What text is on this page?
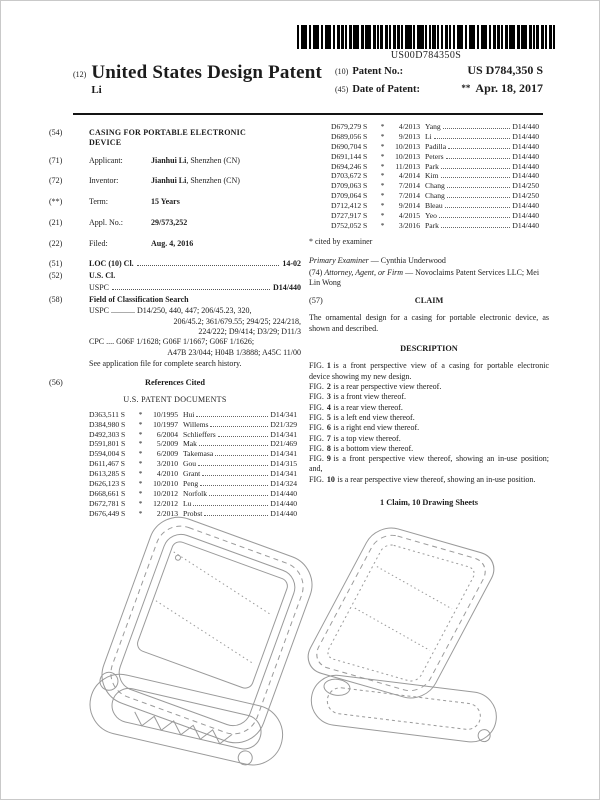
US00D784350S
(12) United States Design Patent
Li
(10) Patent No.:	US D784,350 S
(45) Date of Patent:	** Apr. 18, 2017
(54)	CASING FOR PORTABLE ELECTRONIC DEVICE
(71)	Applicant:	Jianhui Li, Shenzhen (CN)
(72)	Inventor:	Jianhui Li, Shenzhen (CN)
(**)	Term:	15 Years
(21)	Appl. No.:	29/573,252
(22)	Filed:	Aug. 4, 2016
(51)	LOC (10) Cl.	14-02
(52)	U.S. Cl.
USPC	D14/440
(58)	Field of Classification Search

USPC ............ D14/250, 440, 447; 206/45.23, 320,

206/45.2; 361/679.55; 294/25; 224/218,

224/222; D9/414; D3/29; D11/3

CPC .... G06F 1/1628; G06F 1/1667; G06F 1/1626;

A47B 23/044; H04B 1/3888; A45C 11/00

See application file for complete search history.

(56)	References Cited
U.S. PATENT DOCUMENTS
D363,511 S	*	10/1995 Hui	D14/341
D384,980 S	*	10/1997 Willems	D21/329
D492,303 S	*	6/2004 Schlieffers	D14/341
D591,801 S	*	5/2009 Mak	D21/469
D594,004 S	*	6/2009 Takemasa	D14/341
D611,467 S	*	3/2010 Gou	D14/315
D613,285 S	*	4/2010 Grant	D14/341
D626,123 S	*	10/2010 Peng	D14/324
D668,661 S	*	10/2012 Norfolk	D14/440
D672,781 S	*	12/2012 Lu	D14/440
D676,449 S	*	2/2013 Probst	D14/440
D679,279 S	*	4/2013 Yang	D14/440
D689,056 S	*	9/2013 Li	D14/440
D690,704 S	*	10/2013 Padilla	D14/440
D691,144 S	*	10/2013 Peters	D14/440
D694,246 S	*	11/2013 Park	D14/440
D703,672 S	*	4/2014 Kim	D14/440
D709,063 S	*	7/2014 Chang	D14/250
D709,064 S	*	7/2014 Chang	D14/250
D712,412 S	*	9/2014 Bleau	D14/440
D727,917 S	*	4/2015 Yeo	D14/440
D752,052 S	*	3/2016 Park	D14/440

* cited by examiner

Primary Examiner — Cynthia Underwood

(74) Attorney, Agent, or Firm — Novoclaims Patent Services LLC; Mei Lin Wong

(57)	CLAIM

The ornamental design for a casing for portable electronic device, as shown and described.

DESCRIPTION

FIG. 1 is a front perspective view of a casing for portable electronic device showing my new design.

FIG. 2 is a rear perspective view thereof.

FIG. 3 is a front view thereof.

FIG. 4 is a rear view thereof.

FIG. 5 is a left end view thereof.

FIG. 6 is a right end view thereof.

FIG. 7 is a top view thereof.

FIG. 8 is a bottom view thereof.

FIG. 9 is a front perspective view thereof, showing an in-use position; and,

FIG. 10 is a rear perspective view thereof, showing an in-use position.

1 Claim, 10 Drawing Sheets
